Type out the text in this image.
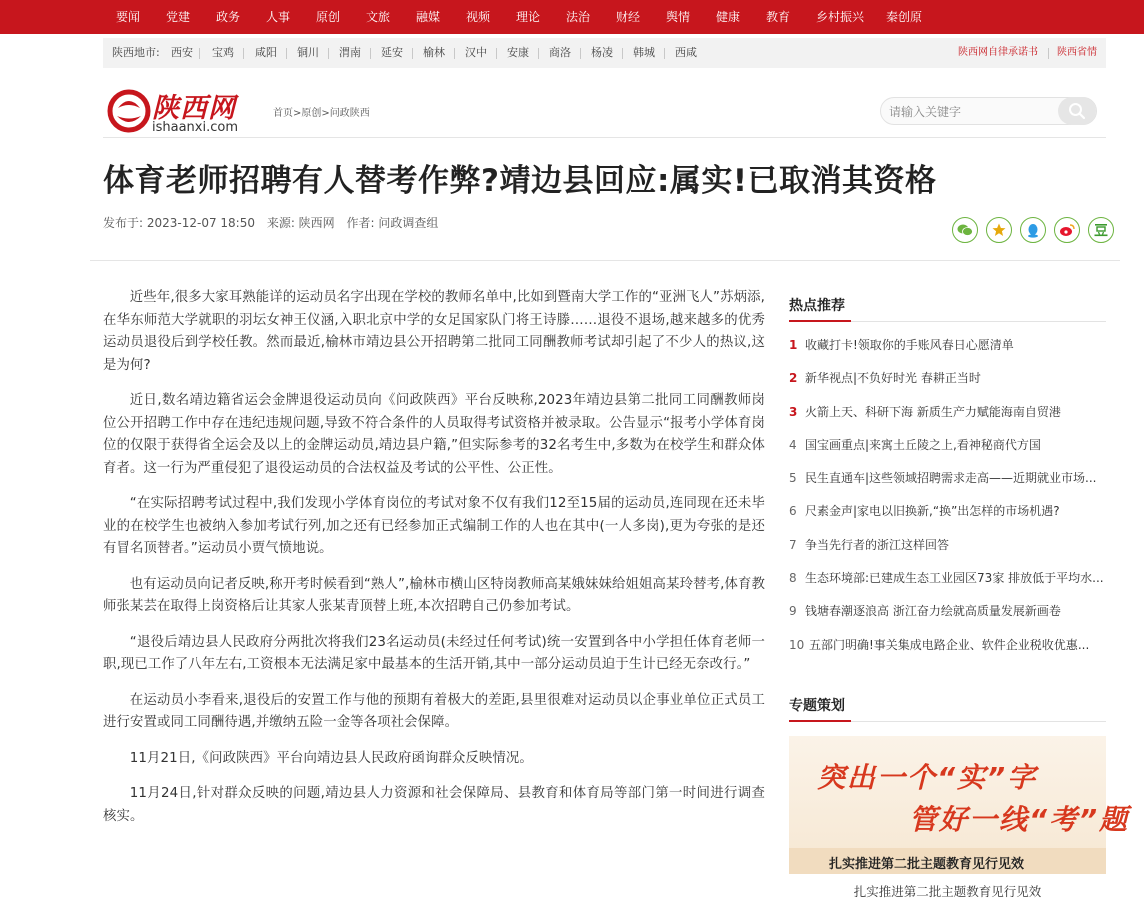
要闻 党建 政务 人事 原创 文旅 融媒 视频 理论 法治 财经 舆情 健康 教育 乡村振兴 秦创原
陕西地市: 西安 宝鸡 咸阳 铜川 渭南 延安 榆林 汉中 安康 商洛 杨凌 韩城 西咸	陕西网自律承诺书 陕西省情
陕西网
ishaanxi.com
首页>原创>问政陕西
请输入关键字
体育老师招聘有人替考作弊?靖边县回应:属实!已取消其资格
发布于: 2023-12-07 18:50 来源: 陕西网 作者: 问政调查组

近些年,很多大家耳熟能详的运动员名字出现在学校的教师名单中,比如到暨南大学工作的“亚洲飞人”苏炳添,在华东师范大学就职的羽坛女神王仪涵,入职北京中学的女足国家队门将王诗滕……退役不退场,越来越多的优秀运动员退役后到学校任教。然而最近,榆林市靖边县公开招聘第二批同工同酬教师考试却引起了不少人的热议,这是为何?

近日,数名靖边籍省运会金牌退役运动员向《问政陕西》平台反映称,2023年靖边县第二批同工同酬教师岗位公开招聘工作中存在违纪违规问题,导致不符合条件的人员取得考试资格并被录取。公告显示“报考小学体育岗位的仅限于获得省全运会及以上的金牌运动员,靖边县户籍,”但实际参考的32名考生中,多数为在校学生和群众体育者。这一行为严重侵犯了退役运动员的合法权益及考试的公平性、公正性。

“在实际招聘考试过程中,我们发现小学体育岗位的考试对象不仅有我们12至15届的运动员,连同现在还未毕业的在校学生也被纳入参加考试行列,加之还有已经参加正式编制工作的人也在其中(一人多岗),更为夸张的是还有冒名顶替者。”运动员小贾气愤地说。

也有运动员向记者反映,称开考时候看到“熟人”,榆林市横山区特岗教师高某娥妹妹给姐姐高某玲替考,体育教师张某芸在取得上岗资格后让其家人张某青顶替上班,本次招聘自己仍参加考试。

“退役后靖边县人民政府分两批次将我们23名运动员(未经过任何考试)统一安置到各中小学担任体育老师一职,现已工作了八年左右,工资根本无法满足家中最基本的生活开销,其中一部分运动员迫于生计已经无奈改行。”

在运动员小李看来,退役后的安置工作与他的预期有着极大的差距,县里很难对运动员以企事业单位正式员工进行安置或同工同酬待遇,并缴纳五险一金等各项社会保障。

11月21日,《问政陕西》平台向靖边县人民政府函询群众反映情况。

11月24日,针对群众反映的问题,靖边县人力资源和社会保障局、县教育和体育局等部门第一时间进行调查核实。

热点推荐
1 收藏打卡!领取你的手账风春日心愿清单
2 新华视点|不负好时光 春耕正当时
3 火箭上天、科研下海 新质生产力赋能海南自贸港
4 国宝画重点|来寓土丘陵之上,看神秘商代方国
5 民生直通车|这些领域招聘需求走高——近期就业市场...
6 尺素金声|家电以旧换新,“换”出怎样的市场机遇?
7 争当先行者的浙江这样回答
8 生态环境部:已建成生态工业园区73家 排放低于平均水...
9 钱塘春潮逐浪高 浙江奋力绘就高质量发展新画卷
10 五部门明确!事关集成电路企业、软件企业税收优惠...
专题策划
突出一个“实”字
管好一线“考”题
扎实推进第二批主题教育见行见效
扎实推进第二批主题教育见行见效
